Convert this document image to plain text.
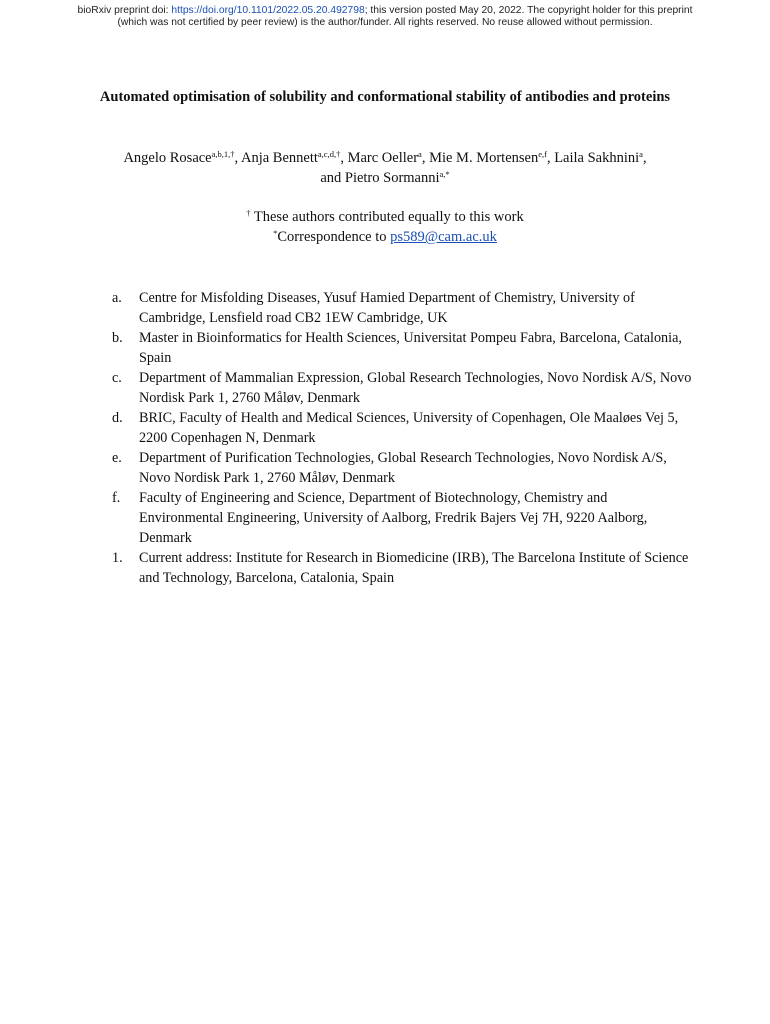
bioRxiv preprint doi: https://doi.org/10.1101/2022.05.20.492798; this version posted May 20, 2022. The copyright holder for this preprint
(which was not certified by peer review) is the author/funder. All rights reserved. No reuse allowed without permission.
Automated optimisation of solubility and conformational stability of antibodies and proteins
Angelo Rosace$^{a,b,1,\dagger}$, Anja Bennett$^{a,c,d,\dagger}$, Marc Oeller$^a$, Mie M. Mortensen$^{e,f}$, Laila Sakhnini$^a$,
and Pietro Sormanni$^{a,*}$
† These authors contributed equally to this work
*Correspondence to ps589@cam.ac.uk
a. Centre for Misfolding Diseases, Yusuf Hamied Department of Chemistry, University of Cambridge, Lensfield road CB2 1EW Cambridge, UK
b. Master in Bioinformatics for Health Sciences, Universitat Pompeu Fabra, Barcelona, Catalonia, Spain
c. Department of Mammalian Expression, Global Research Technologies, Novo Nordisk A/S, Novo Nordisk Park 1, 2760 Måløv, Denmark
d. BRIC, Faculty of Health and Medical Sciences, University of Copenhagen, Ole Maaløes Vej 5, 2200 Copenhagen N, Denmark
e. Department of Purification Technologies, Global Research Technologies, Novo Nordisk A/S, Novo Nordisk Park 1, 2760 Måløv, Denmark
f. Faculty of Engineering and Science, Department of Biotechnology, Chemistry and Environmental Engineering, University of Aalborg, Fredrik Bajers Vej 7H, 9220 Aalborg, Denmark
1. Current address: Institute for Research in Biomedicine (IRB), The Barcelona Institute of Science and Technology, Barcelona, Catalonia, Spain
